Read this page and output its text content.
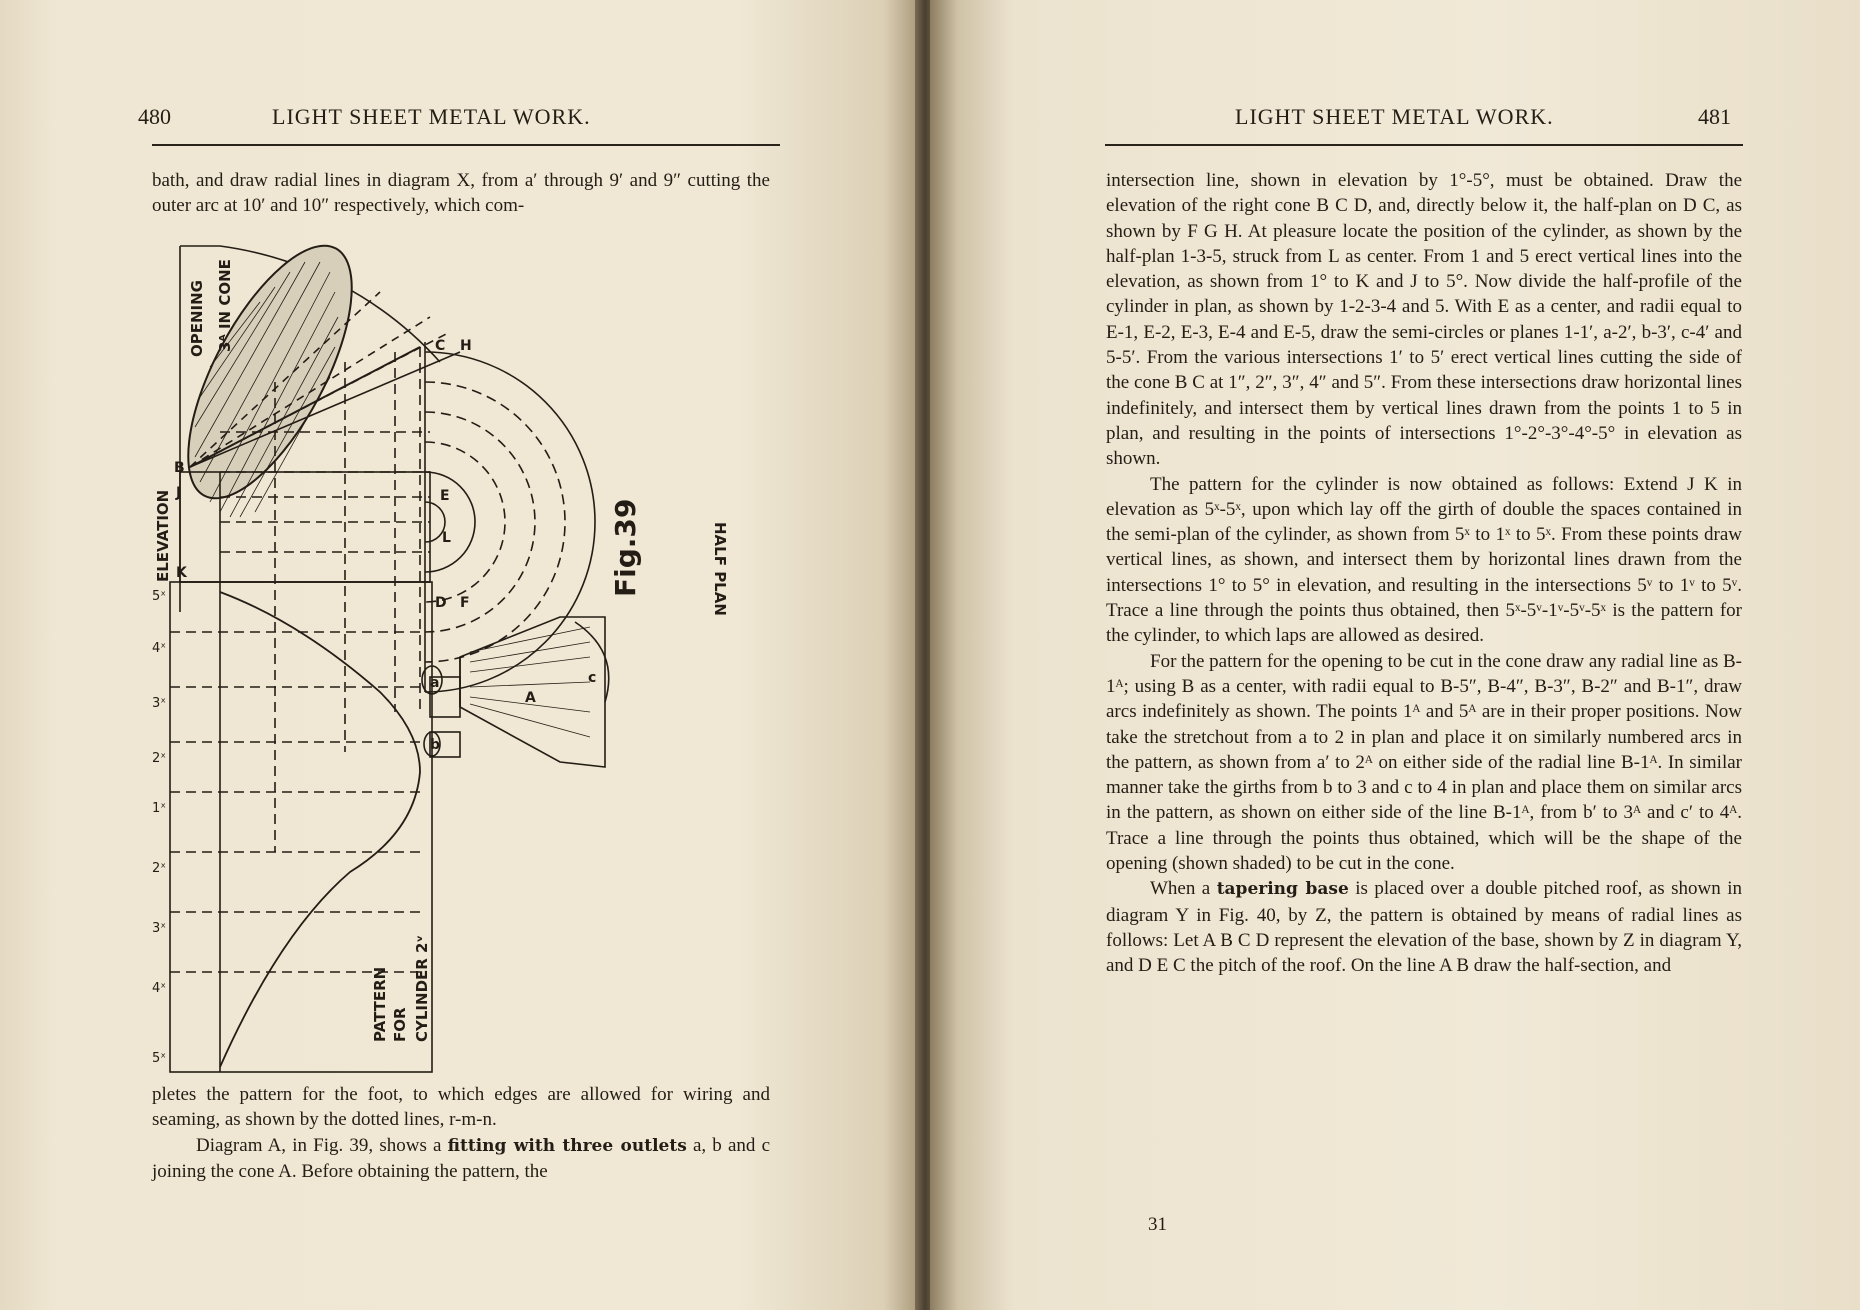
480	LIGHT SHEET METAL WORK.

bath, and draw radial lines in diagram X, from a′ through 9′ and 9″ cutting the outer arc at 10′ and 10″ respectively, which com-

OPENING 3ᴬ IN CONE
ELEVATION	HALF PLAN
PATTERN FOR CYLINDER 2ᵛ
Fig.39
B
C H
J
K
D F
E
L
A
a
b
c
5ˣ
4ˣ
3ˣ
2ˣ
1ˣ
2ˣ
3ˣ
4ˣ
5ˣ

pletes the pattern for the foot, to which edges are allowed for wiring and seaming, as shown by the dotted lines, r-m-n.

Diagram A, in Fig. 39, shows a fitting with three outlets a, b and c joining the cone A. Before obtaining the pattern, the

LIGHT SHEET METAL WORK.	481

intersection line, shown in elevation by 1°-5°, must be obtained. Draw the elevation of the right cone B C D, and, directly below it, the half-plan on D C, as shown by F G H. At pleasure locate the position of the cylinder, as shown by the half-plan 1-3-5, struck from L as center. From 1 and 5 erect vertical lines into the elevation, as shown from 1° to K and J to 5°. Now divide the half-profile of the cylinder in plan, as shown by 1-2-3-4 and 5. With E as a center, and radii equal to E-1, E-2, E-3, E-4 and E-5, draw the semi-circles or planes 1-1′, a-2′, b-3′, c-4′ and 5-5′. From the various intersections 1′ to 5′ erect vertical lines cutting the side of the cone B C at 1″, 2″, 3″, 4″ and 5″. From these intersections draw horizontal lines indefinitely, and intersect them by vertical lines drawn from the points 1 to 5 in plan, and resulting in the points of intersections 1°-2°-3°-4°-5° in elevation as shown.

The pattern for the cylinder is now obtained as follows: Extend J K in elevation as 5ˣ-5ˣ, upon which lay off the girth of double the spaces contained in the semi-plan of the cylinder, as shown from 5ˣ to 1ˣ to 5ˣ. From these points draw vertical lines, as shown, and intersect them by horizontal lines drawn from the intersections 1° to 5° in elevation, and resulting in the intersections 5ᵛ to 1ᵛ to 5ᵛ. Trace a line through the points thus obtained, then 5ˣ-5ᵛ-1ᵛ-5ᵛ-5ˣ is the pattern for the cylinder, to which laps are allowed as desired.

For the pattern for the opening to be cut in the cone draw any radial line as B-1ᴬ; using B as a center, with radii equal to B-5″, B-4″, B-3″, B-2″ and B-1″, draw arcs indefinitely as shown. The points 1ᴬ and 5ᴬ are in their proper positions. Now take the stretchout from a to 2 in plan and place it on similarly numbered arcs in the pattern, as shown from a′ to 2ᴬ on either side of the radial line B-1ᴬ. In similar manner take the girths from b to 3 and c to 4 in plan and place them on similar arcs in the pattern, as shown on either side of the line B-1ᴬ, from b′ to 3ᴬ and c′ to 4ᴬ. Trace a line through the points thus obtained, which will be the shape of the opening (shown shaded) to be cut in the cone.

When a tapering base is placed over a double pitched roof, as shown in diagram Y in Fig. 40, by Z, the pattern is obtained by means of radial lines as follows: Let A B C D represent the elevation of the base, shown by Z in diagram Y, and D E C the pitch of the roof. On the line A B draw the half-section, and

31
